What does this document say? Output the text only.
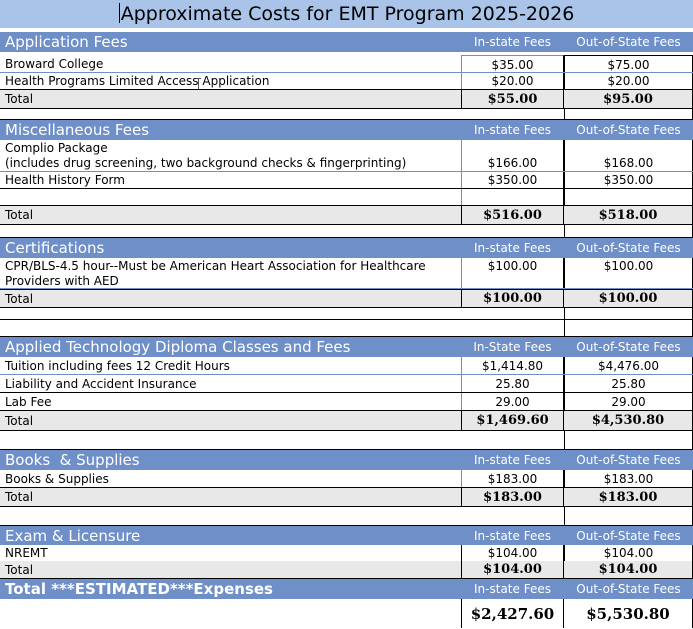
Approximate Costs for EMT Program 2025-2026
Application Fees	In-state Fees	Out-of-State Fees
Broward College	$35.00	$75.00
Health Programs Limited Access Application	$20.00	$20.00
Total	$55.00	$95.00
Miscellaneous Fees	In-state Fees	Out-of-State Fees
Complio Package
(includes drug screening, two background checks & fingerprinting)	$166.00	$168.00
Health History Form	$350.00	$350.00
Total	$516.00	$518.00
Certifications	In-state Fees	Out-of-State Fees
CPR/BLS-4.5 hour--Must be American Heart Association for Healthcare
Providers with AED
$100.00	$100.00
Total	$100.00	$100.00
Applied Technology Diploma Classes and Fees	In-State Fees	Out-of-State Fees
Tuition including fees 12 Credit Hours	$1,414.80	$4,476.00
Liability and Accident Insurance	25.80	25.80
Lab Fee	29.00	29.00
Total	$1,469.60	$4,530.80
Books  & Supplies	In-state Fees	Out-of-State Fees
Books & Supplies	$183.00	$183.00
Total	$183.00	$183.00
Exam & Licensure	In-state Fees	Out-of-State Fees
NREMT	$104.00	$104.00
Total	$104.00	$104.00
Total ***ESTIMATED***Expenses	In-state Fees	Out-of-State Fees
$2,427.60	$5,530.80
